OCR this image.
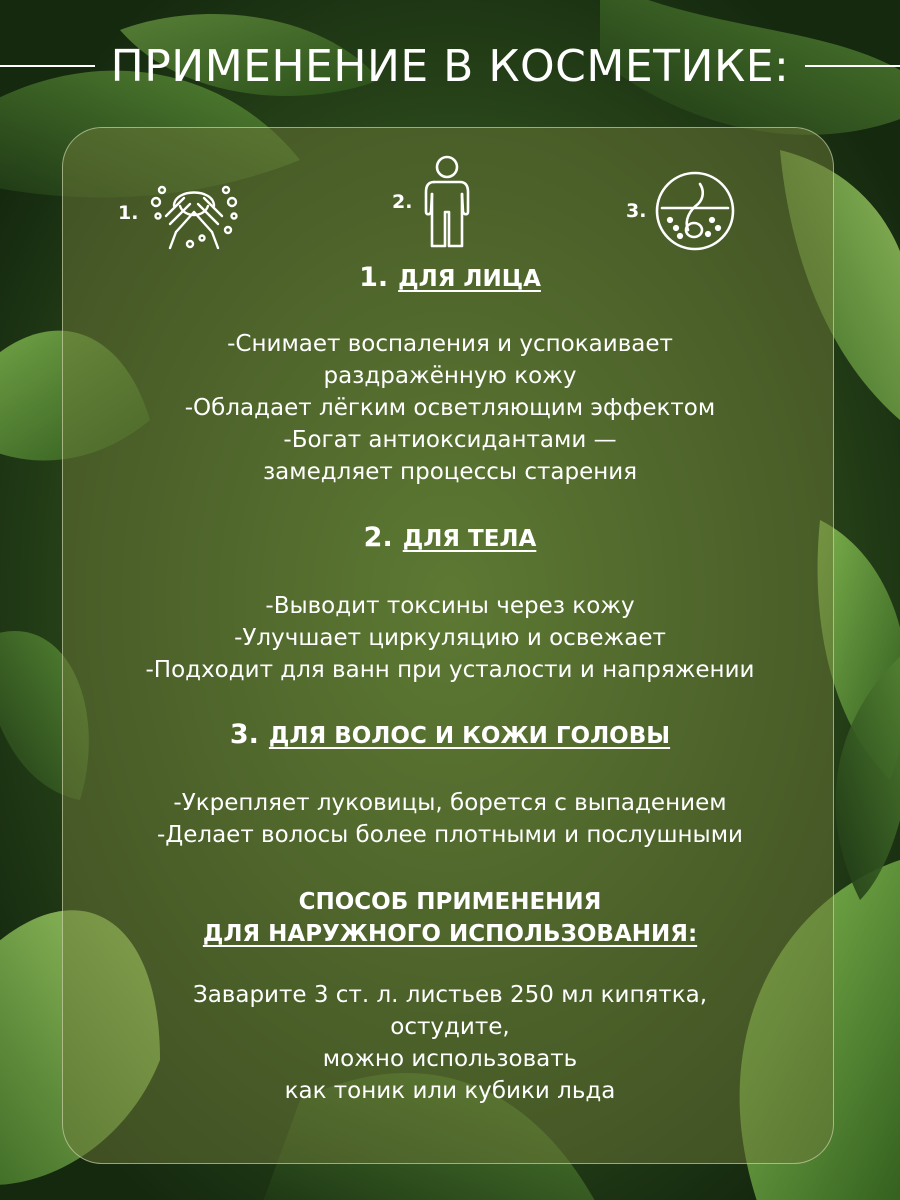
ПРИМЕНЕНИЕ В КОСМЕТИКЕ:
1.	2.	3.
1. ДЛЯ ЛИЦА
-Снимает воспаления и успокаивает
раздражённую кожу
-Обладает лёгким осветляющим эффектом
-Богат антиоксидантами —
замедляет процессы старения
2. ДЛЯ ТЕЛА
-Выводит токсины через кожу
-Улучшает циркуляцию и освежает
-Подходит для ванн при усталости и напряжении
3. ДЛЯ ВОЛОС И КОЖИ ГОЛОВЫ
-Укрепляет луковицы, борется с выпадением
-Делает волосы более плотными и послушными
СПОСОБ ПРИМЕНЕНИЯ
ДЛЯ НАРУЖНОГО ИСПОЛЬЗОВАНИЯ:
Заварите 3 ст. л. листьев 250 мл кипятка,
остудите,
можно использовать
как тоник или кубики льда
